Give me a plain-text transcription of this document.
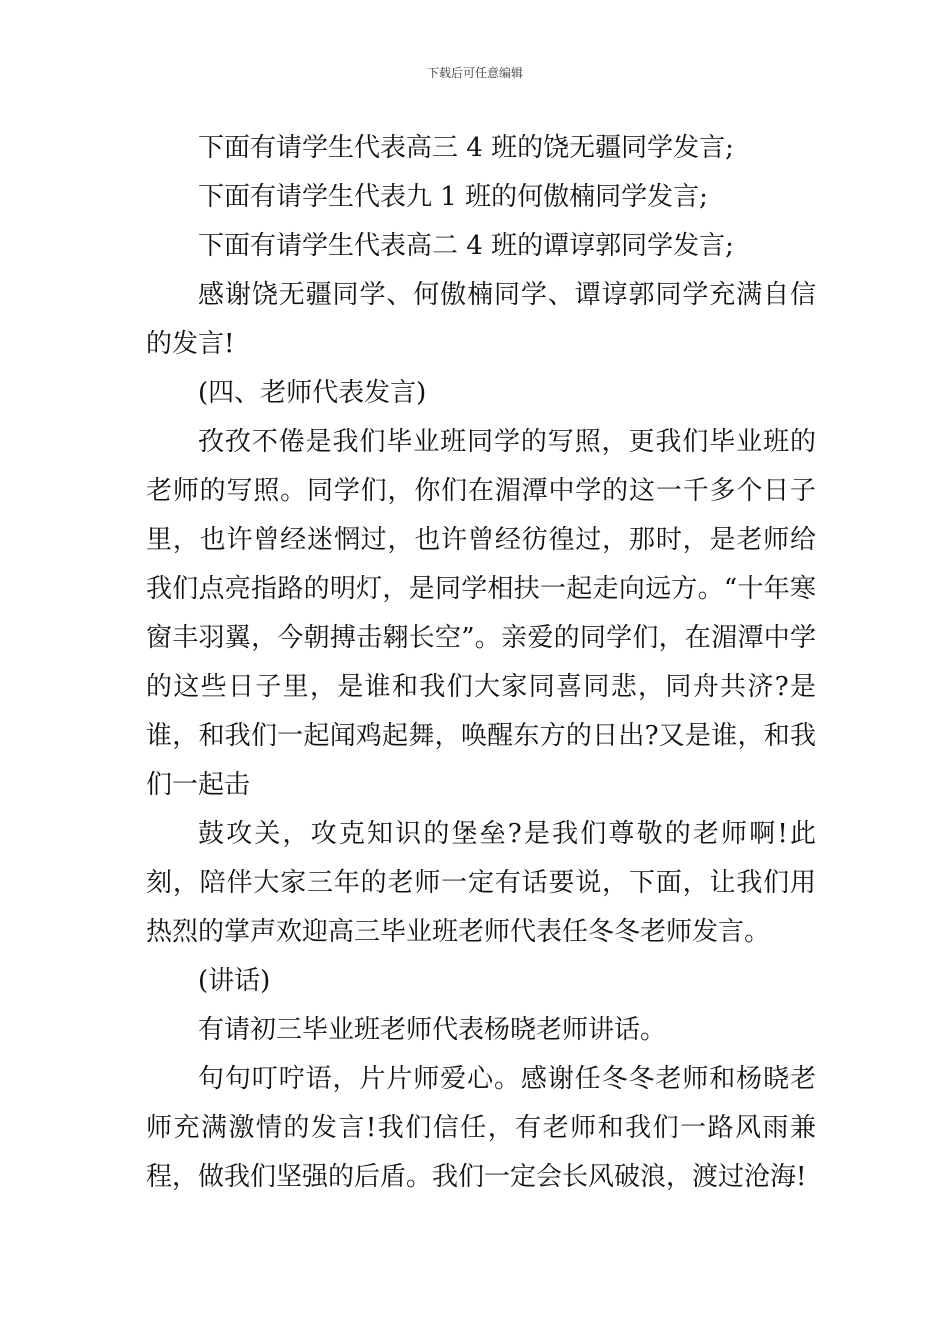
下载后可任意编辑

下面有请学生代表高三 4 班的饶无疆同学发言;

下面有请学生代表九 1 班的何傲楠同学发言;

下面有请学生代表高二 4 班的谭谆郭同学发言;

感谢饶无疆同学、何傲楠同学、谭谆郭同学充满自信的发言!

(四、老师代表发言)

孜孜不倦是我们毕业班同学的写照，更我们毕业班的老师的写照。同学们，你们在湄潭中学的这一千多个日子里，也许曾经迷惘过，也许曾经彷徨过，那时，是老师给我们点亮指路的明灯，是同学相扶一起走向远方。“十年寒窗丰羽翼，今朝搏击翱长空”。亲爱的同学们，在湄潭中学的这些日子里，是谁和我们大家同喜同悲，同舟共济?是谁，和我们一起闻鸡起舞，唤醒东方的日出?又是谁，和我们一起击

鼓攻关，攻克知识的堡垒?是我们尊敬的老师啊!此刻，陪伴大家三年的老师一定有话要说，下面，让我们用热烈的掌声欢迎高三毕业班老师代表任冬冬老师发言。

(讲话)

有请初三毕业班老师代表杨晓老师讲话。

句句叮咛语，片片师爱心。感谢任冬冬老师和杨晓老师充满激情的发言!我们信任，有老师和我们一路风雨兼程，做我们坚强的后盾。我们一定会长风破浪，渡过沧海!
